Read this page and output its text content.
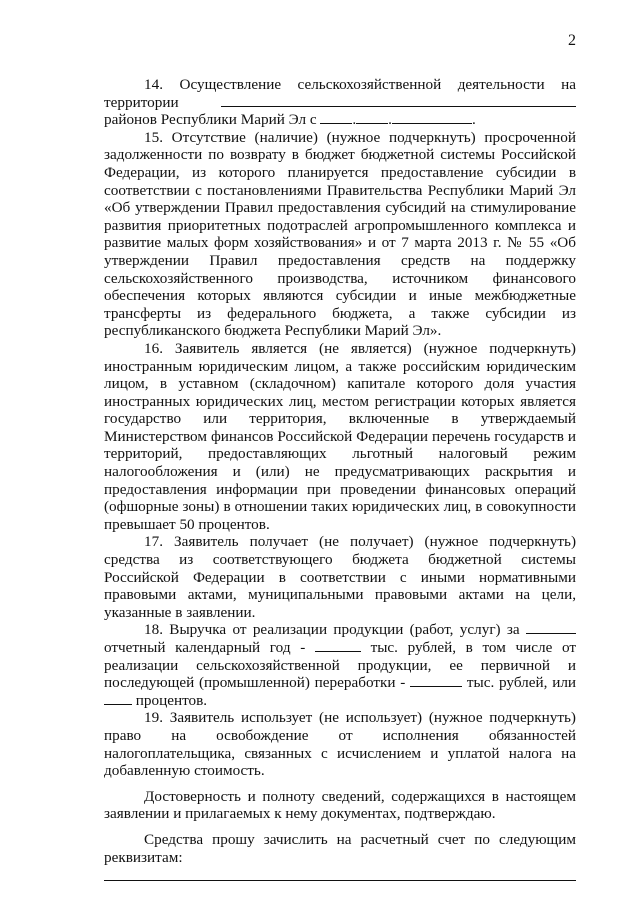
2

14. Осуществление сельскохозяйственной деятельности на территории  районов Республики Марий Эл с . .	.

15. Отсутствие (наличие) (нужное подчеркнуть) просроченной задолженности по возврату в бюджет бюджетной системы Российской Федерации, из которого планируется предоставление субсидии в соответствии с постановлениями Правительства Республики Марий Эл «Об утверждении Правил предоставления субсидий на стимулирование развития приоритетных подотраслей агропромышленного комплекса и развитие малых форм хозяйствования» и от 7 марта 2013 г. № 55 «Об утверждении Правил предоставления средств на поддержку сельскохозяйственного производства, источником финансового обеспечения которых являются субсидии и иные межбюджетные трансферты из федерального бюджета, а также субсидии из республиканского бюджета Республики Марий Эл».

16. Заявитель является (не является) (нужное подчеркнуть) иностранным юридическим лицом, а также российским юридическим лицом, в уставном (складочном) капитале которого доля участия иностранных юридических лиц, местом регистрации которых является государство или территория, включенные в утверждаемый Министерством финансов Российской Федерации перечень государств и территорий, предоставляющих льготный налоговый режим налогообложения и (или) не предусматривающих раскрытия и предоставления информации при проведении финансовых операций (офшорные зоны) в отношении таких юридических лиц, в совокупности превышает 50 процентов.

17. Заявитель получает (не получает) (нужное подчеркнуть) средства из соответствующего бюджета бюджетной системы Российской Федерации в соответствии с иными нормативными правовыми актами, муниципальными правовыми актами на цели, указанные в заявлении.

18. Выручка от реализации продукции (работ, услуг) за  отчетный календарный год -	тыс. рублей, в том числе от реализации сельскохозяйственной продукции, ее первичной и последующей (промышленной) переработки -	тыс. рублей, или  процентов.

19. Заявитель использует (не использует) (нужное подчеркнуть) право на освобождение от исполнения обязанностей налогоплательщика, связанных с исчислением и уплатой налога на добавленную стоимость.

Достоверность и полноту сведений, содержащихся в настоящем заявлении и прилагаемых к нему документах, подтверждаю.

Средства прошу зачислить на расчетный счет по следующим реквизитам:
